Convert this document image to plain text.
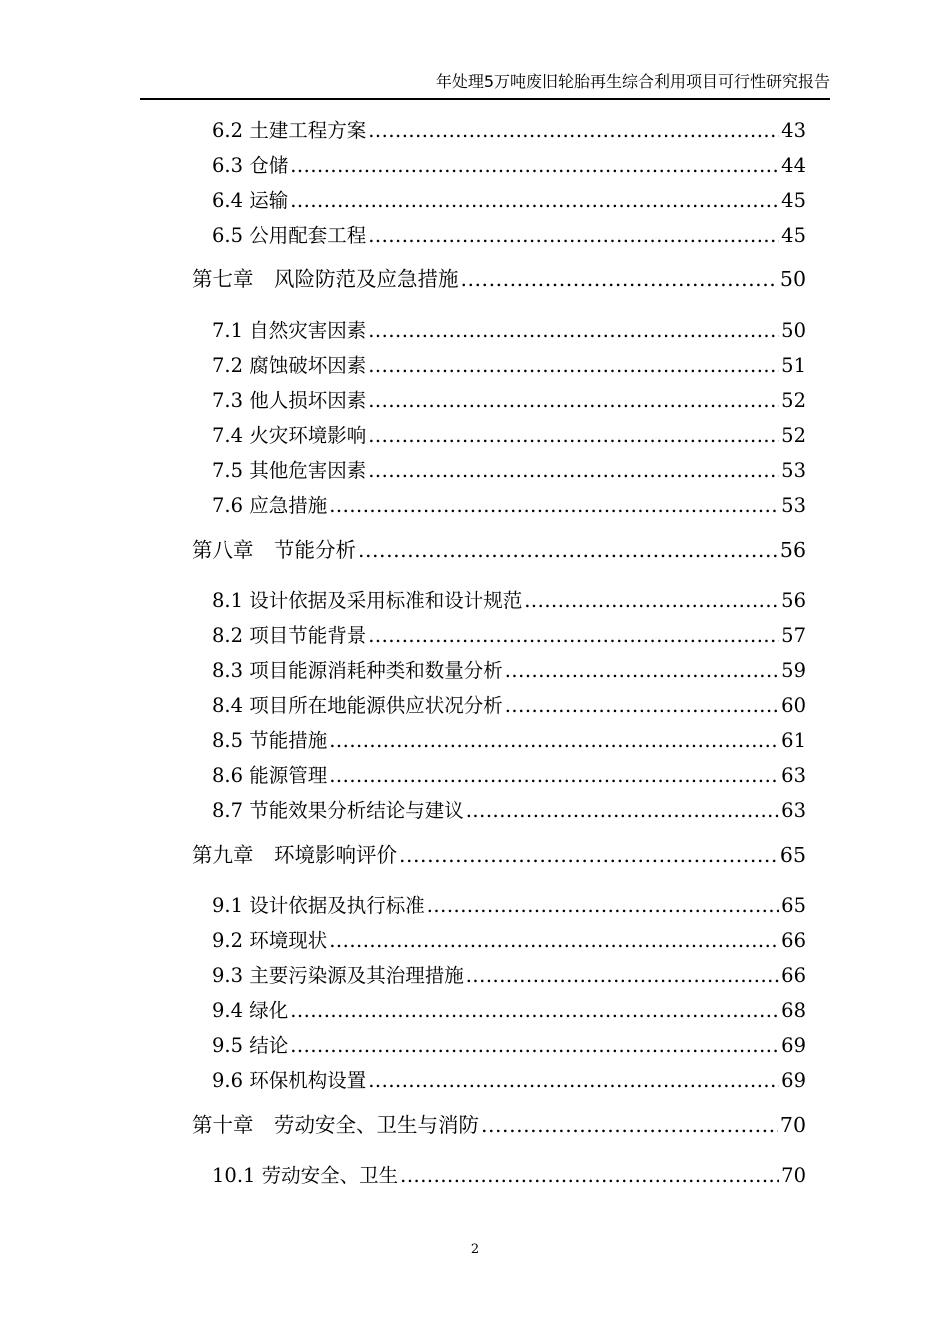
年处理5万吨废旧轮胎再生综合利用项目可行性研究报告
6.2 土建工程方案 .....	43
6.3 仓储 .....	44
6.4 运输 .....	45
6.5 公用配套工程 .....	45
第七章　风险防范及应急措施 .....	50
7.1 自然灾害因素 .....	50
7.2 腐蚀破坏因素 .....	51
7.3 他人损坏因素 .....	52
7.4 火灾环境影响 .....	52
7.5 其他危害因素 .....	53
7.6 应急措施 .....	53
第八章　节能分析 .....	56
8.1 设计依据及采用标准和设计规范 .....	56
8.2 项目节能背景 .....	57
8.3 项目能源消耗种类和数量分析 .....	59
8.4 项目所在地能源供应状况分析 .....	60
8.5 节能措施 .....	61
8.6 能源管理 .....	63
8.7 节能效果分析结论与建议 .....	63
第九章　环境影响评价 .....	65
9.1 设计依据及执行标准 .....	65
9.2 环境现状 .....	66
9.3 主要污染源及其治理措施 .....	66
9.4 绿化 .....	68
9.5 结论 .....	69
9.6 环保机构设置 .....	69
第十章　劳动安全、卫生与消防 .....	70
10.1 劳动安全、卫生 .....	70
2
